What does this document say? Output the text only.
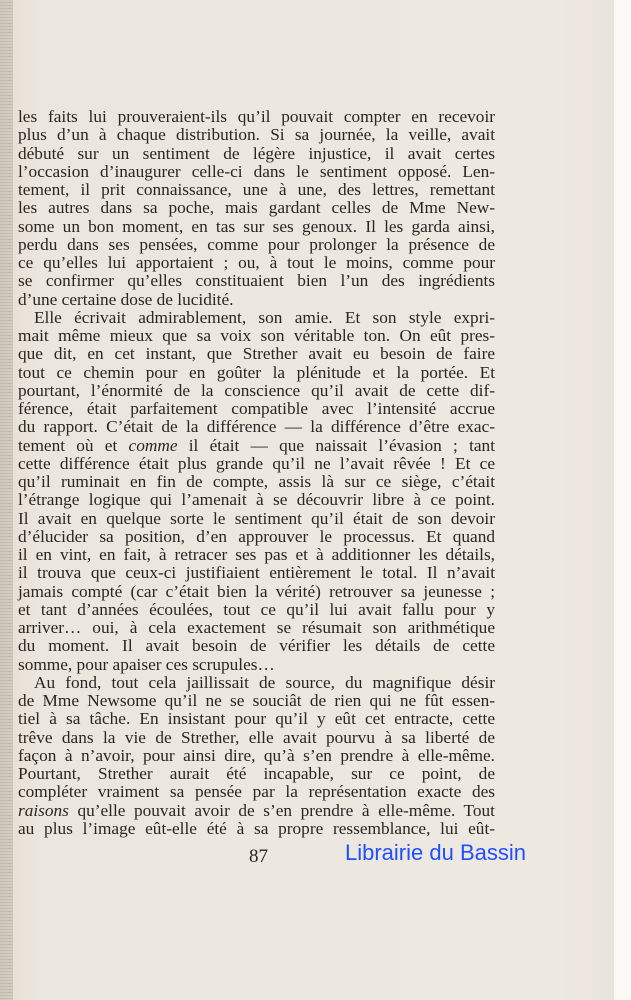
les faits lui prouveraient-ils qu’il pouvait compter en recevoir
plus d’un à chaque distribution. Si sa journée, la veille, avait
débuté sur un sentiment de légère injustice, il avait certes
l’occasion d’inaugurer celle-ci dans le sentiment opposé. Len-
tement, il prit connaissance, une à une, des lettres, remettant
les autres dans sa poche, mais gardant celles de Mme New-
some un bon moment, en tas sur ses genoux. Il les garda ainsi,
perdu dans ses pensées, comme pour prolonger la présence de
ce qu’elles lui apportaient ; ou, à tout le moins, comme pour
se confirmer qu’elles constituaient bien l’un des ingrédients
d’une certaine dose de lucidité.
Elle écrivait admirablement, son amie. Et son style expri-
mait même mieux que sa voix son véritable ton. On eût pres-
que dit, en cet instant, que Strether avait eu besoin de faire
tout ce chemin pour en goûter la plénitude et la portée. Et
pourtant, l’énormité de la conscience qu’il avait de cette dif-
férence, était parfaitement compatible avec l’intensité accrue
du rapport. C’était de la différence — la différence d’être exac-
tement où et comme il était — que naissait l’évasion ; tant
cette différence était plus grande qu’il ne l’avait rêvée ! Et ce
qu’il ruminait en fin de compte, assis là sur ce siège, c’était
l’étrange logique qui l’amenait à se découvrir libre à ce point.
Il avait en quelque sorte le sentiment qu’il était de son devoir
d’élucider sa position, d’en approuver le processus. Et quand
il en vint, en fait, à retracer ses pas et à additionner les détails,
il trouva que ceux-ci justifiaient entièrement le total. Il n’avait
jamais compté (car c’était bien la vérité) retrouver sa jeunesse ;
et tant d’années écoulées, tout ce qu’il lui avait fallu pour y
arriver… oui, à cela exactement se résumait son arithmétique
du moment. Il avait besoin de vérifier les détails de cette
somme, pour apaiser ces scrupules…
Au fond, tout cela jaillissait de source, du magnifique désir
de Mme Newsome qu’il ne se souciât de rien qui ne fût essen-
tiel à sa tâche. En insistant pour qu’il y eût cet entracte, cette
trêve dans la vie de Strether, elle avait pourvu à sa liberté de
façon à n’avoir, pour ainsi dire, qu’à s’en prendre à elle-même.
Pourtant, Strether aurait été incapable, sur ce point, de
compléter vraiment sa pensée par la représentation exacte des
raisons qu’elle pouvait avoir de s’en prendre à elle-même. Tout
au plus l’image eût-elle été à sa propre ressemblance, lui eût-
87	Librairie du Bassin
